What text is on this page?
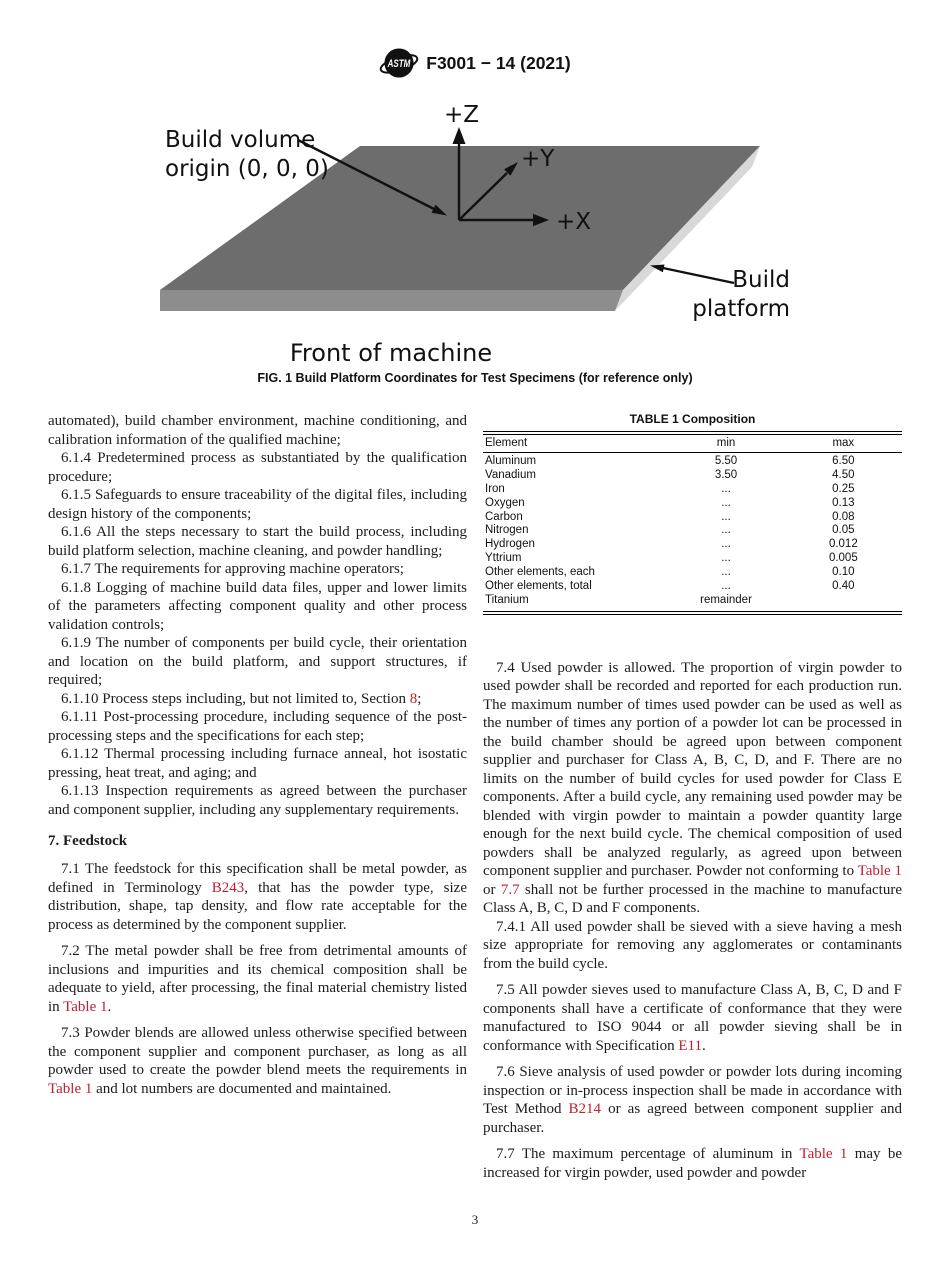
ASTM F3001 − 14 (2021)
+Z
+Y
+X
Build volume
origin (0, 0, 0)
Build
platform
Front of machine
FIG. 1 Build Platform Coordinates for Test Specimens (for reference only)

automated), build chamber environment, machine conditioning, and calibration information of the qualified machine;

6.1.4 Predetermined process as substantiated by the qualification procedure;

6.1.5 Safeguards to ensure traceability of the digital files, including design history of the components;

6.1.6 All the steps necessary to start the build process, including build platform selection, machine cleaning, and powder handling;

6.1.7 The requirements for approving machine operators;

6.1.8 Logging of machine build data files, upper and lower limits of the parameters affecting component quality and other process validation controls;

6.1.9 The number of components per build cycle, their orientation and location on the build platform, and support structures, if required;

6.1.10 Process steps including, but not limited to, Section 8;

6.1.11 Post-processing procedure, including sequence of the post-processing steps and the specifications for each step;

6.1.12 Thermal processing including furnace anneal, hot isostatic pressing, heat treat, and aging; and

6.1.13 Inspection requirements as agreed between the purchaser and component supplier, including any supplementary requirements.

7. Feedstock

7.1 The feedstock for this specification shall be metal powder, as defined in Terminology B243, that has the powder type, size distribution, shape, tap density, and flow rate acceptable for the process as determined by the component supplier.

7.2 The metal powder shall be free from detrimental amounts of inclusions and impurities and its chemical composition shall be adequate to yield, after processing, the final material chemistry listed in Table 1.

7.3 Powder blends are allowed unless otherwise specified between the component supplier and component purchaser, as long as all powder used to create the powder blend meets the requirements in Table 1 and lot numbers are documented and maintained.

TABLE 1 Composition
Element	min	max
Aluminum	5.50	6.50
Vanadium	3.50	4.50
Iron	...	0.25
Oxygen	...	0.13
Carbon	...	0.08
Nitrogen	...	0.05
Hydrogen	...	0.012
Yttrium	...	0.005
Other elements, each	...	0.10
Other elements, total	...	0.40
Titanium	remainder

7.4 Used powder is allowed. The proportion of virgin powder to used powder shall be recorded and reported for each production run. The maximum number of times used powder can be used as well as the number of times any portion of a powder lot can be processed in the build chamber should be agreed upon between component supplier and purchaser for Class A, B, C, D, and F. There are no limits on the number of build cycles for used powder for Class E components. After a build cycle, any remaining used powder may be blended with virgin powder to maintain a powder quantity large enough for the next build cycle. The chemical composition of used powders shall be analyzed regularly, as agreed upon between component supplier and purchaser. Powder not conforming to Table 1 or 7.7 shall not be further processed in the machine to manufacture Class A, B, C, D and F components.

7.4.1 All used powder shall be sieved with a sieve having a mesh size appropriate for removing any agglomerates or contaminants from the build cycle.

7.5 All powder sieves used to manufacture Class A, B, C, D and F components shall have a certificate of conformance that they were manufactured to ISO 9044 or all powder sieving shall be in conformance with Specification E11.

7.6 Sieve analysis of used powder or powder lots during incoming inspection or in-process inspection shall be made in accordance with Test Method B214 or as agreed between component supplier and purchaser.

7.7 The maximum percentage of aluminum in Table 1 may be increased for virgin powder, used powder and powder

3
